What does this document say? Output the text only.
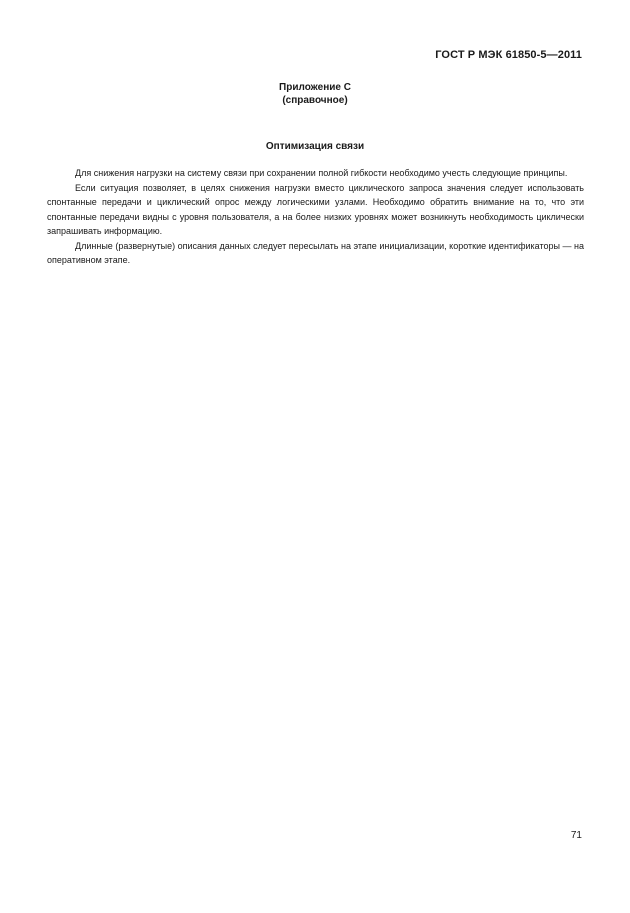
ГОСТ Р МЭК 61850-5—2011
Приложение С
(справочное)
Оптимизация связи

Для снижения нагрузки на систему связи при сохранении полной гибкости необходимо учесть следующие принципы.

Если ситуация позволяет, в целях снижения нагрузки вместо циклического запроса значения следует использовать спонтанные передачи и циклический опрос между логическими узлами. Необходимо обратить внимание на то, что эти спонтанные передачи видны с уровня пользователя, а на более низких уровнях может возникнуть необходимость циклически запрашивать информацию.

Длинные (развернутые) описания данных следует пересылать на этапе инициализации, короткие идентификаторы — на оперативном этапе.

71
